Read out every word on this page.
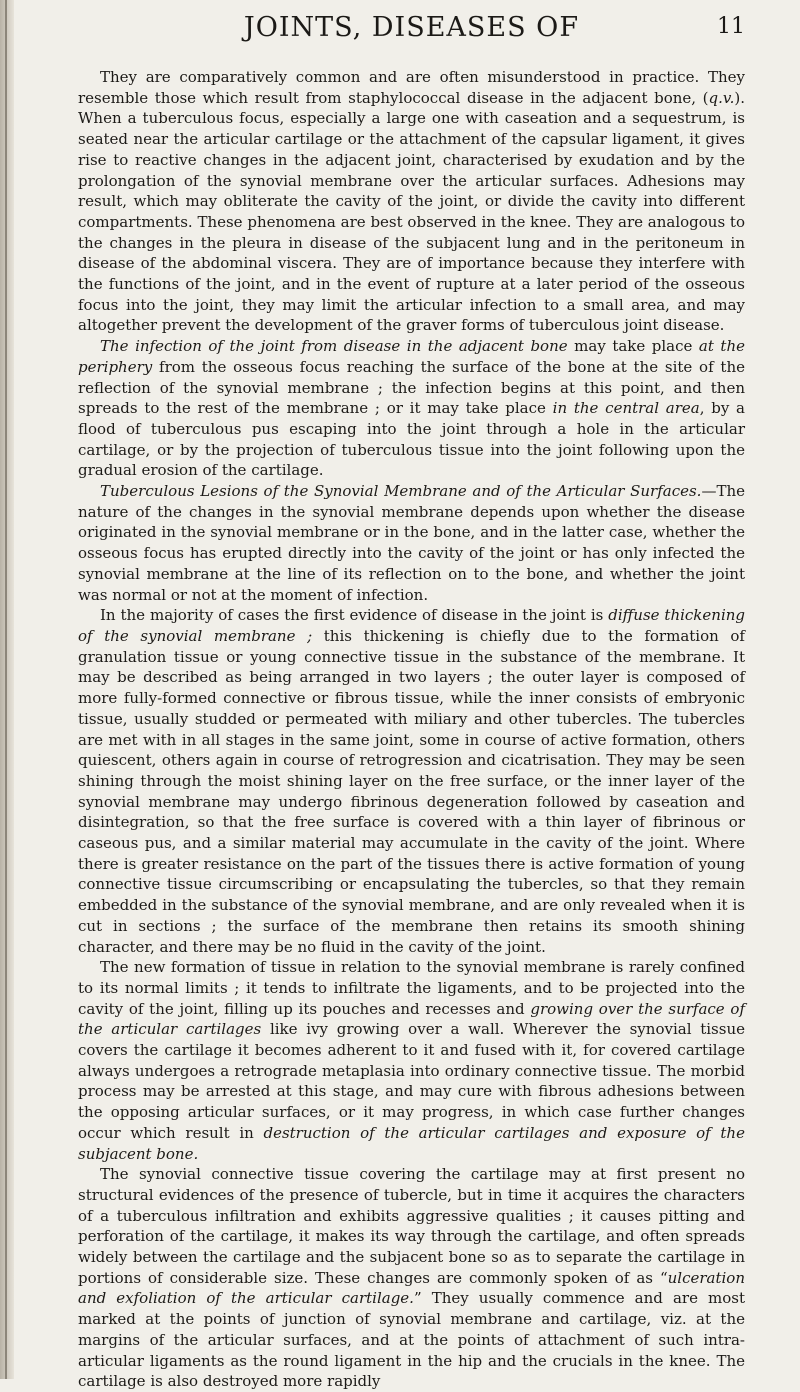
JOINTS, DISEASES OF	11

They are comparatively common and are often misunderstood in practice. They resemble those which result from staphylococcal disease in the adjacent bone, (q.v.). When a tuberculous focus, especially a large one with caseation and a sequestrum, is seated near the articular cartilage or the attachment of the capsular ligament, it gives rise to reactive changes in the adjacent joint, characterised by exudation and by the prolongation of the synovial membrane over the articular surfaces. Adhesions may result, which may obliterate the cavity of the joint, or divide the cavity into different compartments. These phenomena are best observed in the knee. They are analogous to the changes in the pleura in disease of the subjacent lung and in the peritoneum in disease of the abdominal viscera. They are of importance because they interfere with the functions of the joint, and in the event of rupture at a later period of the osseous focus into the joint, they may limit the articular infection to a small area, and may altogether prevent the development of the graver forms of tuberculous joint disease.

The infection of the joint from disease in the adjacent bone may take place at the periphery from the osseous focus reaching the surface of the bone at the site of the reflection of the synovial membrane ; the infection begins at this point, and then spreads to the rest of the membrane ; or it may take place in the central area, by a flood of tuberculous pus escaping into the joint through a hole in the articular cartilage, or by the projection of tuberculous tissue into the joint following upon the gradual erosion of the cartilage.

Tuberculous Lesions of the Synovial Membrane and of the Articular Surfaces.—The nature of the changes in the synovial membrane depends upon whether the disease originated in the synovial membrane or in the bone, and in the latter case, whether the osseous focus has erupted directly into the cavity of the joint or has only infected the synovial membrane at the line of its reflection on to the bone, and whether the joint was normal or not at the moment of infection.

In the majority of cases the first evidence of disease in the joint is diffuse thickening of the synovial membrane ; this thickening is chiefly due to the formation of granulation tissue or young connective tissue in the substance of the membrane. It may be described as being arranged in two layers ; the outer layer is composed of more fully-formed connective or fibrous tissue, while the inner consists of embryonic tissue, usually studded or permeated with miliary and other tubercles. The tubercles are met with in all stages in the same joint, some in course of active formation, others quiescent, others again in course of retrogression and cicatrisation. They may be seen shining through the moist shining layer on the free surface, or the inner layer of the synovial membrane may undergo fibrinous degeneration followed by caseation and disintegration, so that the free surface is covered with a thin layer of fibrinous or caseous pus, and a similar material may accumulate in the cavity of the joint. Where there is greater resistance on the part of the tissues there is active formation of young connective tissue circumscribing or encapsulating the tubercles, so that they remain embedded in the substance of the synovial membrane, and are only revealed when it is cut in sections ; the surface of the membrane then retains its smooth shining character, and there may be no fluid in the cavity of the joint.

The new formation of tissue in relation to the synovial membrane is rarely confined to its normal limits ; it tends to infiltrate the ligaments, and to be projected into the cavity of the joint, filling up its pouches and recesses and growing over the surface of the articular cartilages like ivy growing over a wall. Wherever the synovial tissue covers the cartilage it becomes adherent to it and fused with it, for covered cartilage always undergoes a retrograde metaplasia into ordinary connective tissue. The morbid process may be arrested at this stage, and may cure with fibrous adhesions between the opposing articular surfaces, or it may progress, in which case further changes occur which result in destruction of the articular cartilages and exposure of the subjacent bone.

The synovial connective tissue covering the cartilage may at first present no structural evidences of the presence of tubercle, but in time it acquires the characters of a tuberculous infiltration and exhibits aggressive qualities ; it causes pitting and perforation of the cartilage, it makes its way through the cartilage, and often spreads widely between the cartilage and the subjacent bone so as to separate the cartilage in portions of considerable size. These changes are commonly spoken of as “ulceration and exfoliation of the articular cartilage.” They usually commence and are most marked at the points of junction of synovial membrane and cartilage, viz. at the margins of the articular surfaces, and at the points of attachment of such intra-articular ligaments as the round ligament in the hip and the crucials in the knee. The cartilage is also destroyed more rapidly
